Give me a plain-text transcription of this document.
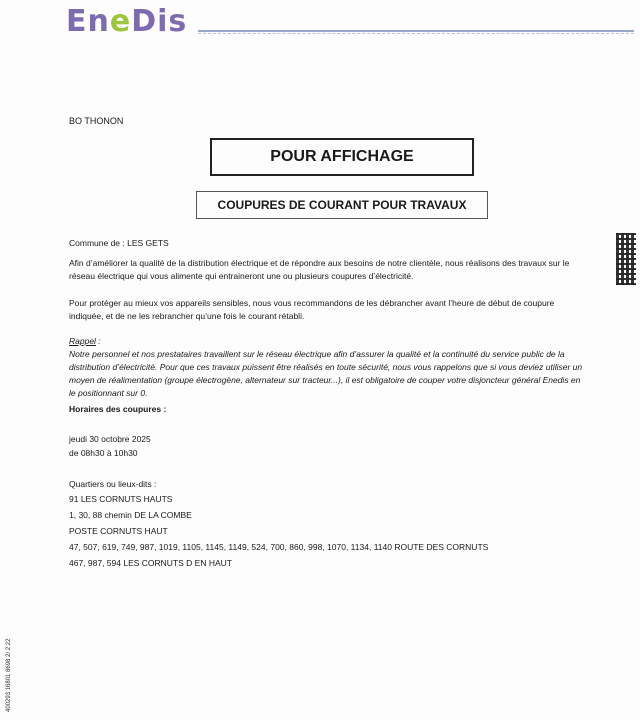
EneDis
BO THONON
POUR AFFICHAGE
COUPURES DE COURANT POUR TRAVAUX
Commune de : LES GETS
Afin d’améliorer la qualité de la distribution électrique et de répondre aux besoins de notre clientèle, nous réalisons des travaux sur le réseau électrique qui vous alimente qui entraineront une ou plusieurs coupures d’électricité.
Pour protéger au mieux vos appareils sensibles, nous vous recommandons de les débrancher avant l’heure de début de coupure indiquée, et de ne les rebrancher qu’une fois le courant rétabli.
Rappel :
Notre personnel et nos prestataires travaillent sur le réseau électrique afin d’assurer la qualité et la continuité du service public de la distribution d’électricité. Pour que ces travaux puissent être réalisés en toute sécurité, nous vous rappelons que si vous deviez utiliser un moyen de réalimentation (groupe électrogène, alternateur sur tracteur...), il est obligatoire de couper votre disjoncteur général Enedis en le positionnant sur 0.
Horaires des coupures :
jeudi 30 octobre 2025
de 08h30 à 10h30
Quartiers ou lieux-dits :
91 LES CORNUTS HAUTS
1, 30, 88 chemin DE LA COMBE
POSTE CORNUTS HAUT
47, 507, 619, 749, 987, 1019, 1105, 1145, 1149, 524, 700, 860, 998, 1070, 1134, 1140 ROUTE DES CORNUTS
467, 987, 594 LES CORNUTS D EN HAUT
400293 16801 8698 2/ 2 22
